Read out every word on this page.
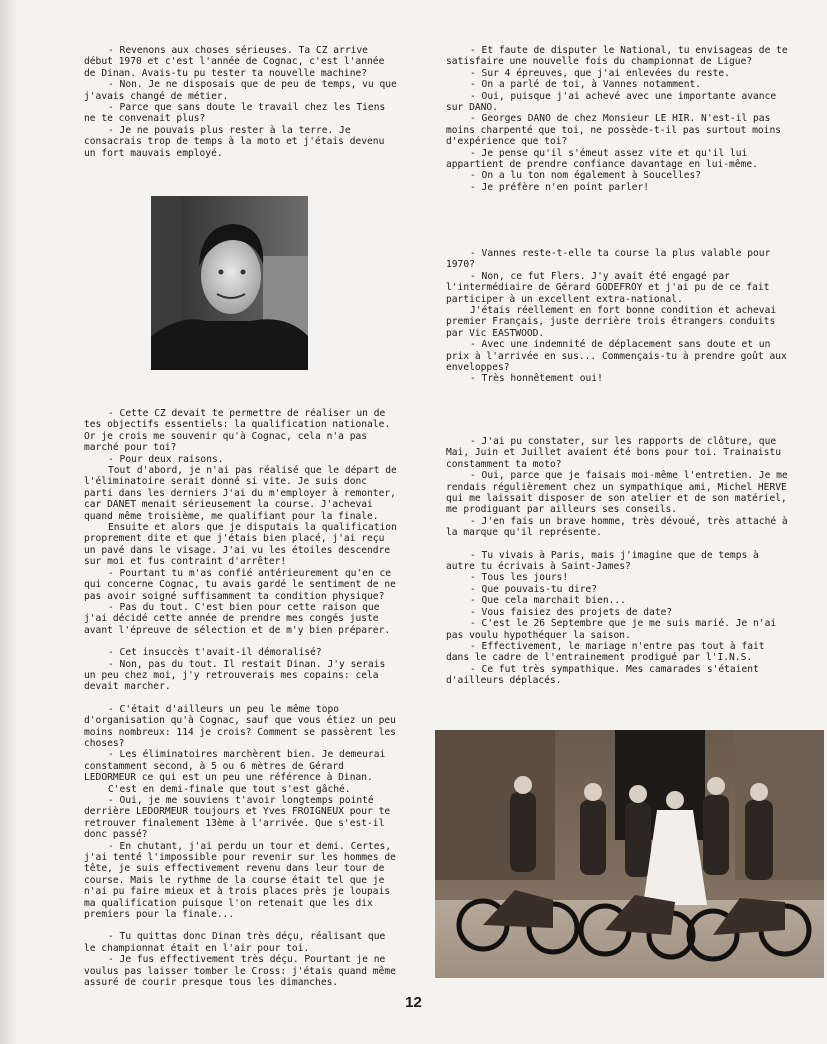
- Revenons aux choses sérieuses. Ta CZ arrive début 1970 et c'est l'année de Cognac, c'est l'année de Dinan. Avais-tu pu tester ta nouvelle machine?

- Non. Je ne disposais que de peu de temps, vu que j'avais changé de métier.

- Parce que sans doute le travail chez les Tiens ne te convenait plus?

- Je ne pouvais plus rester à la terre. Je consacrais trop de temps à la moto et j'étais devenu un fort mauvais employé.

- Cette CZ devait te permettre de réaliser un de tes objectifs essentiels: la qualification nationale. Or je crois me souvenir qu'à Cognac, cela n'a pas marché pour toi?

- Pour deux raisons.

Tout d'abord, je n'ai pas réalisé que le départ de l'éliminatoire serait donné si vite. Je suis donc parti dans les derniers J'ai du m'employer à remonter, car DANET menait sérieusement la course. J'achevai quand même troisième, me qualifiant pour la finale.

Ensuite et alors que je disputais la qualification proprement dite et que j'étais bien placé, j'ai reçu un pavé dans le visage. J'ai vu les étoiles descendre sur moi et fus contraint d'arrêter!

- Pourtant tu m'as confié antérieurement qu'en ce qui concerne Cognac, tu avais gardé le sentiment de ne pas avoir soigné suffisamment ta condition physique?

- Pas du tout. C'est bien pour cette raison que j'ai décidé cette année de prendre mes congés juste avant l'épreuve de sélection et de m'y bien préparer.

- Cet insuccès t'avait-il démoralisé?

- Non, pas du tout. Il restait Dinan. J'y serais un peu chez moi, j'y retrouverais mes copains: cela devait marcher.

- C'était d'ailleurs un peu le même topo d'organisation qu'à Cognac, sauf que vous étiez un peu moins nombreux: 114 je crois? Comment se passèrent les choses?

- Les éliminatoires marchèrent bien. Je demeurai constamment second, à 5 ou 6 mètres de Gérard LEDORMEUR ce qui est un peu une référence à Dinan.

C'est en demi-finale que tout s'est gâché.

- Oui, je me souviens t'avoir longtemps pointé derrière LEDORMEUR toujours et Yves FROIGNEUX pour te retrouver finalement 13ème à l'arrivée. Que s'est-il donc passé?

- En chutant, j'ai perdu un tour et demi. Certes, j'ai tenté l'impossible pour revenir sur les hommes de tête, je suis effectivement revenu dans leur tour de course. Mais le rythme de la course était tel que je n'ai pu faire mieux et à trois places près je loupais ma qualification puisque l'on retenait que les dix premiers pour la finale...

- Tu quittas donc Dinan très déçu, réalisant que le championnat était en l'air pour toi.

- Je fus effectivement très déçu. Pourtant je ne voulus pas laisser tomber le Cross: j'étais quand même assuré de courir presque tous les dimanches.

- Et faute de disputer le National, tu envisageas de te satisfaire une nouvelle fois du championnat de Ligue?

- Sur 4 épreuves, que j'ai enlevées du reste.

- On a parlé de toi, à Vannes notamment.

- Oui, puisque j'ai achevé avec une importante avance sur DANO.

- Georges DANO de chez Monsieur LE HIR. N'est-il pas moins charpenté que toi, ne possède-t-il pas surtout moins d'expérience que toi?

- Je pense qu'il s'émeut assez vite et qu'il lui appartient de prendre confiance davantage en lui-même.

- On a lu ton nom également à Soucelles?

- Je préfère n'en point parler!

- Vannes reste-t-elle ta course la plus valable pour 1970?

- Non, ce fut Flers. J'y avait été engagé par l'intermédiaire de Gérard GODEFROY et j'ai pu de ce fait participer à un excellent extra-national.

J'étais réellement en fort bonne condition et achevai premier Français, juste derrière trois étrangers conduits par Vic EASTWOOD.

- Avec une indemnité de déplacement sans doute et un prix à l'arrivée en sus... Commençais-tu à prendre goût aux enveloppes?

- Très honnêtement oui!

- J'ai pu constater, sur les rapports de clôture, que Mai, Juin et Juillet avaient été bons pour toi. Trainaistu constamment ta moto?

- Oui, parce que je faisais moi-même l'entretien. Je me rendais régulièrement chez un sympathique ami, Michel HERVE qui me laissait disposer de son atelier et de son matériel, me prodiguant par ailleurs ses conseils.

- J'en fais un brave homme, très dévoué, très attaché à la marque qu'il représente.

- Tu vivais à Paris, mais j'imagine que de temps à autre tu écrivais à Saint-James?

- Tous les jours!

- Que pouvais-tu dire?

- Que cela marchait bien...

- Vous faisiez des projets de date?

- C'est le 26 Septembre que je me suis marié. Je n'ai pas voulu hypothéquer la saison.

- Effectivement, le mariage n'entre pas tout à fait dans le cadre de l'entrainement prodigué par l'I.N.S.

- Ce fut très sympathique. Mes camarades s'étaient d'ailleurs déplacés.

12
